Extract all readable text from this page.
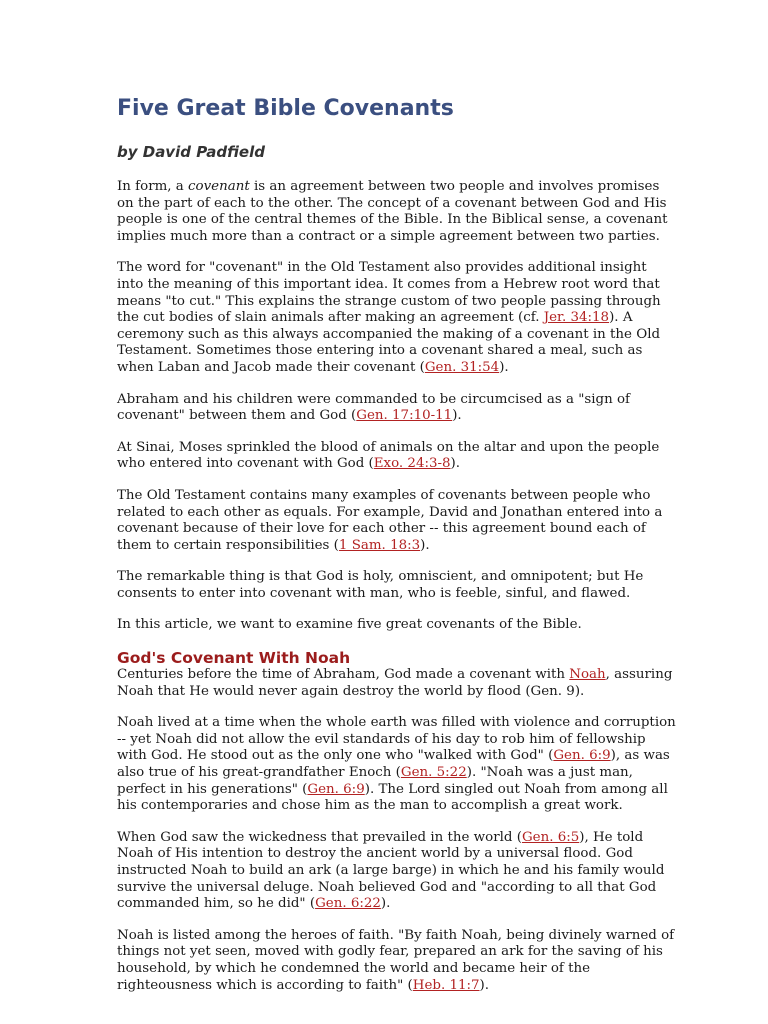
Five Great Bible Covenants

by David Padfield

In form, a covenant is an agreement between two people and involves promises
on the part of each to the other. The concept of a covenant between God and His
people is one of the central themes of the Bible. In the Biblical sense, a covenant
implies much more than a contract or a simple agreement between two parties.

The word for "covenant" in the Old Testament also provides additional insight
into the meaning of this important idea. It comes from a Hebrew root word that
means "to cut." This explains the strange custom of two people passing through
the cut bodies of slain animals after making an agreement (cf. Jer. 34:18). A
ceremony such as this always accompanied the making of a covenant in the Old
Testament. Sometimes those entering into a covenant shared a meal, such as
when Laban and Jacob made their covenant (Gen. 31:54).

Abraham and his children were commanded to be circumcised as a "sign of
covenant" between them and God (Gen. 17:10-11).

At Sinai, Moses sprinkled the blood of animals on the altar and upon the people
who entered into covenant with God (Exo. 24:3-8).

The Old Testament contains many examples of covenants between people who
related to each other as equals. For example, David and Jonathan entered into a
covenant because of their love for each other -- this agreement bound each of
them to certain responsibilities (1 Sam. 18:3).

The remarkable thing is that God is holy, omniscient, and omnipotent; but He
consents to enter into covenant with man, who is feeble, sinful, and flawed.

In this article, we want to examine five great covenants of the Bible.

God's Covenant With Noah

Centuries before the time of Abraham, God made a covenant with Noah, assuring
Noah that He would never again destroy the world by flood (Gen. 9).

Noah lived at a time when the whole earth was filled with violence and corruption
-- yet Noah did not allow the evil standards of his day to rob him of fellowship
with God. He stood out as the only one who "walked with God" (Gen. 6:9), as was
also true of his great-grandfather Enoch (Gen. 5:22). "Noah was a just man,
perfect in his generations" (Gen. 6:9). The Lord singled out Noah from among all
his contemporaries and chose him as the man to accomplish a great work.

When God saw the wickedness that prevailed in the world (Gen. 6:5), He told
Noah of His intention to destroy the ancient world by a universal flood. God
instructed Noah to build an ark (a large barge) in which he and his family would
survive the universal deluge. Noah believed God and "according to all that God
commanded him, so he did" (Gen. 6:22).

Noah is listed among the heroes of faith. "By faith Noah, being divinely warned of
things not yet seen, moved with godly fear, prepared an ark for the saving of his
household, by which he condemned the world and became heir of the
righteousness which is according to faith" (Heb. 11:7).
